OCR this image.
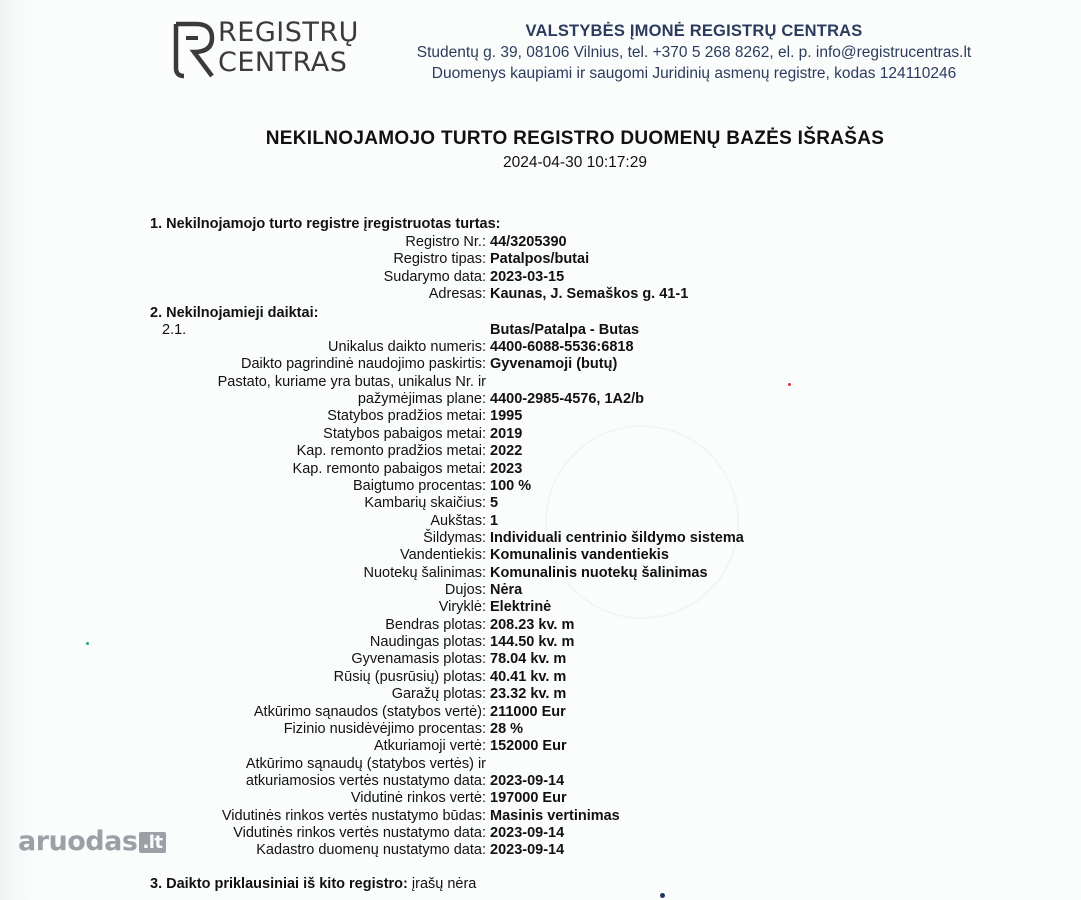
REGISTRŲ
CENTRAS
VALSTYBĖS ĮMONĖ REGISTRŲ CENTRAS
Studentų g. 39, 08106 Vilnius, tel. +370 5 268 8262, el. p. info@registrucentras.lt
Duomenys kaupiami ir saugomi Juridinių asmenų registre, kodas 124110246
NEKILNOJAMOJO TURTO REGISTRO DUOMENŲ BAZĖS IŠRAŠAS
2024-04-30 10:17:29
1. Nekilnojamojo turto registre įregistruotas turtas:
Registro Nr.: 44/3205390
Registro tipas: Patalpos/butai
Sudarymo data: 2023-03-15
Adresas: Kaunas, J. Semaškos g. 41-1
2. Nekilnojamieji daiktai:
2.1.	Butas/Patalpa - Butas
Unikalus daikto numeris: 4400-6088-5536:6818
Daikto pagrindinė naudojimo paskirtis: Gyvenamoji (butų)
Pastato, kuriame yra butas, unikalus Nr. ir
pažymėjimas plane: 4400-2985-4576, 1A2/b
Statybos pradžios metai: 1995
Statybos pabaigos metai: 2019
Kap. remonto pradžios metai: 2022
Kap. remonto pabaigos metai: 2023
Baigtumo procentas: 100 %
Kambarių skaičius: 5
Aukštas: 1
Šildymas: Individuali centrinio šildymo sistema
Vandentiekis: Komunalinis vandentiekis
Nuotekų šalinimas: Komunalinis nuotekų šalinimas
Dujos: Nėra
Viryklė: Elektrinė
Bendras plotas: 208.23 kv. m
Naudingas plotas: 144.50 kv. m
Gyvenamasis plotas: 78.04 kv. m
Rūsių (pusrūsių) plotas: 40.41 kv. m
Garažų plotas: 23.32 kv. m
Atkūrimo sąnaudos (statybos vertė): 211000 Eur
Fizinio nusidėvėjimo procentas: 28 %
Atkuriamoji vertė: 152000 Eur
Atkūrimo sąnaudų (statybos vertės) ir
atkuriamosios vertės nustatymo data: 2023-09-14
Vidutinė rinkos vertė: 197000 Eur
Vidutinės rinkos vertės nustatymo būdas: Masinis vertinimas
Vidutinės rinkos vertės nustatymo data: 2023-09-14
Kadastro duomenų nustatymo data: 2023-09-14
3. Daikto priklausiniai iš kito registro: įrašų nėra
aruodas .lt
